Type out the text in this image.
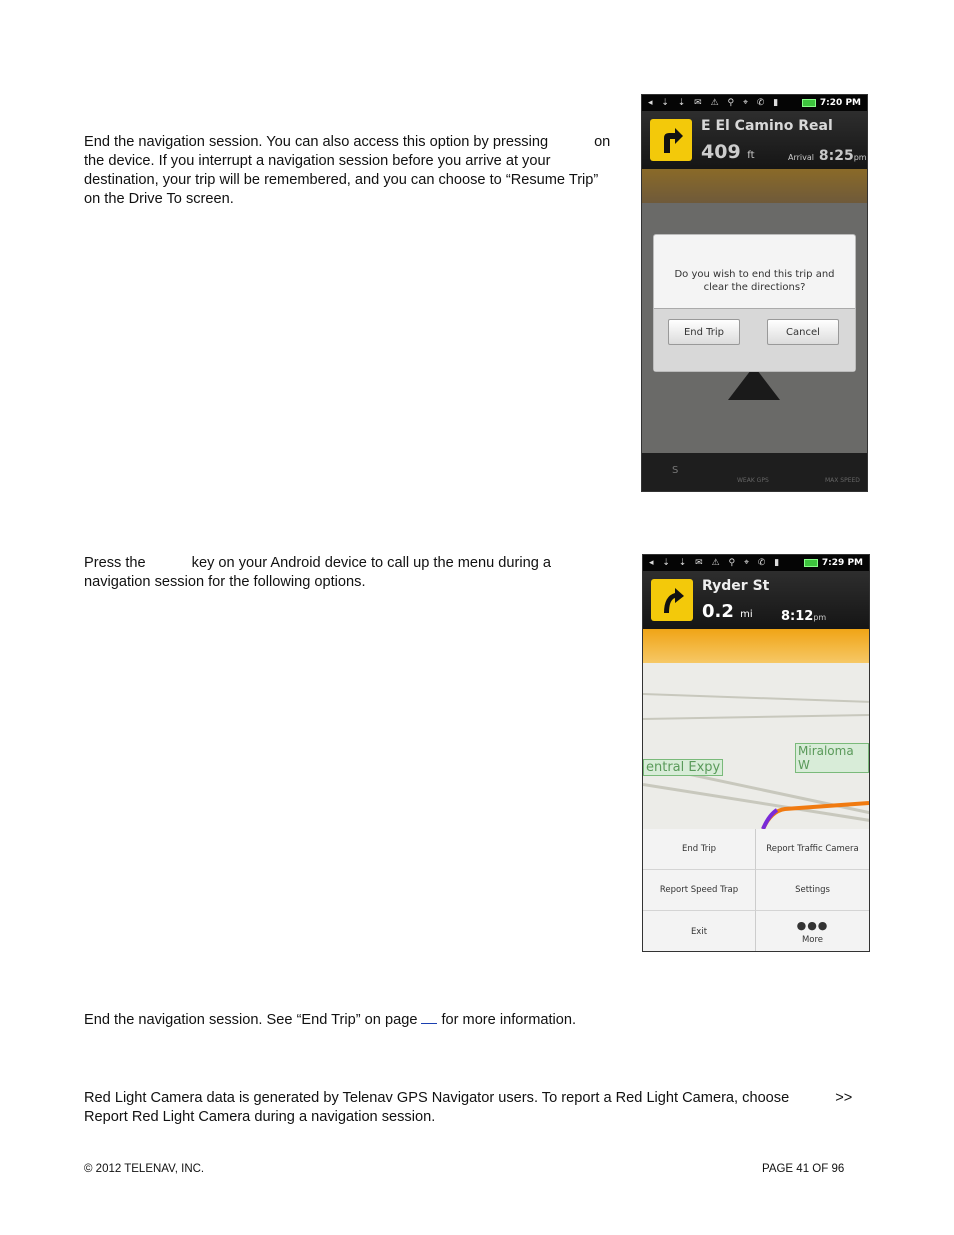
End the navigation session. You can also access this option by pressing	on
the device. If you interrupt a navigation session before you arrive at your destination, your trip will be remembered, and you can choose to “Resume Trip” on the Drive To screen.
◂ ⇣ ⇣ ✉ ⚠ ⚲ ⌖ ✆ ▮	7:20 PM
E El Camino Real
409 ft	Arrival 8:25pm
Do you wish to end this trip and clear the directions?
End Trip	Cancel
S
WEAK GPS	MAX SPEED
Press the	key on your Android device to call up the menu during a navigation session for the following options.
◂ ⇣ ⇣ ✉ ⚠ ⚲ ⌖ ✆ ▮	7:29 PM
Ryder St
0.2 mi 8:12pm
Miraloma W
entral Expy
End Trip	Report Traffic Camera
Report Speed Trap	Settings
Exit	●●●
More
End the navigation session. See “End Trip” on page for more information.
Red Light Camera data is generated by Telenav GPS Navigator users. To report a Red Light Camera, choose	>>
Report Red Light Camera during a navigation session.
© 2012 TELENAV, INC.	PAGE 41 OF 96
